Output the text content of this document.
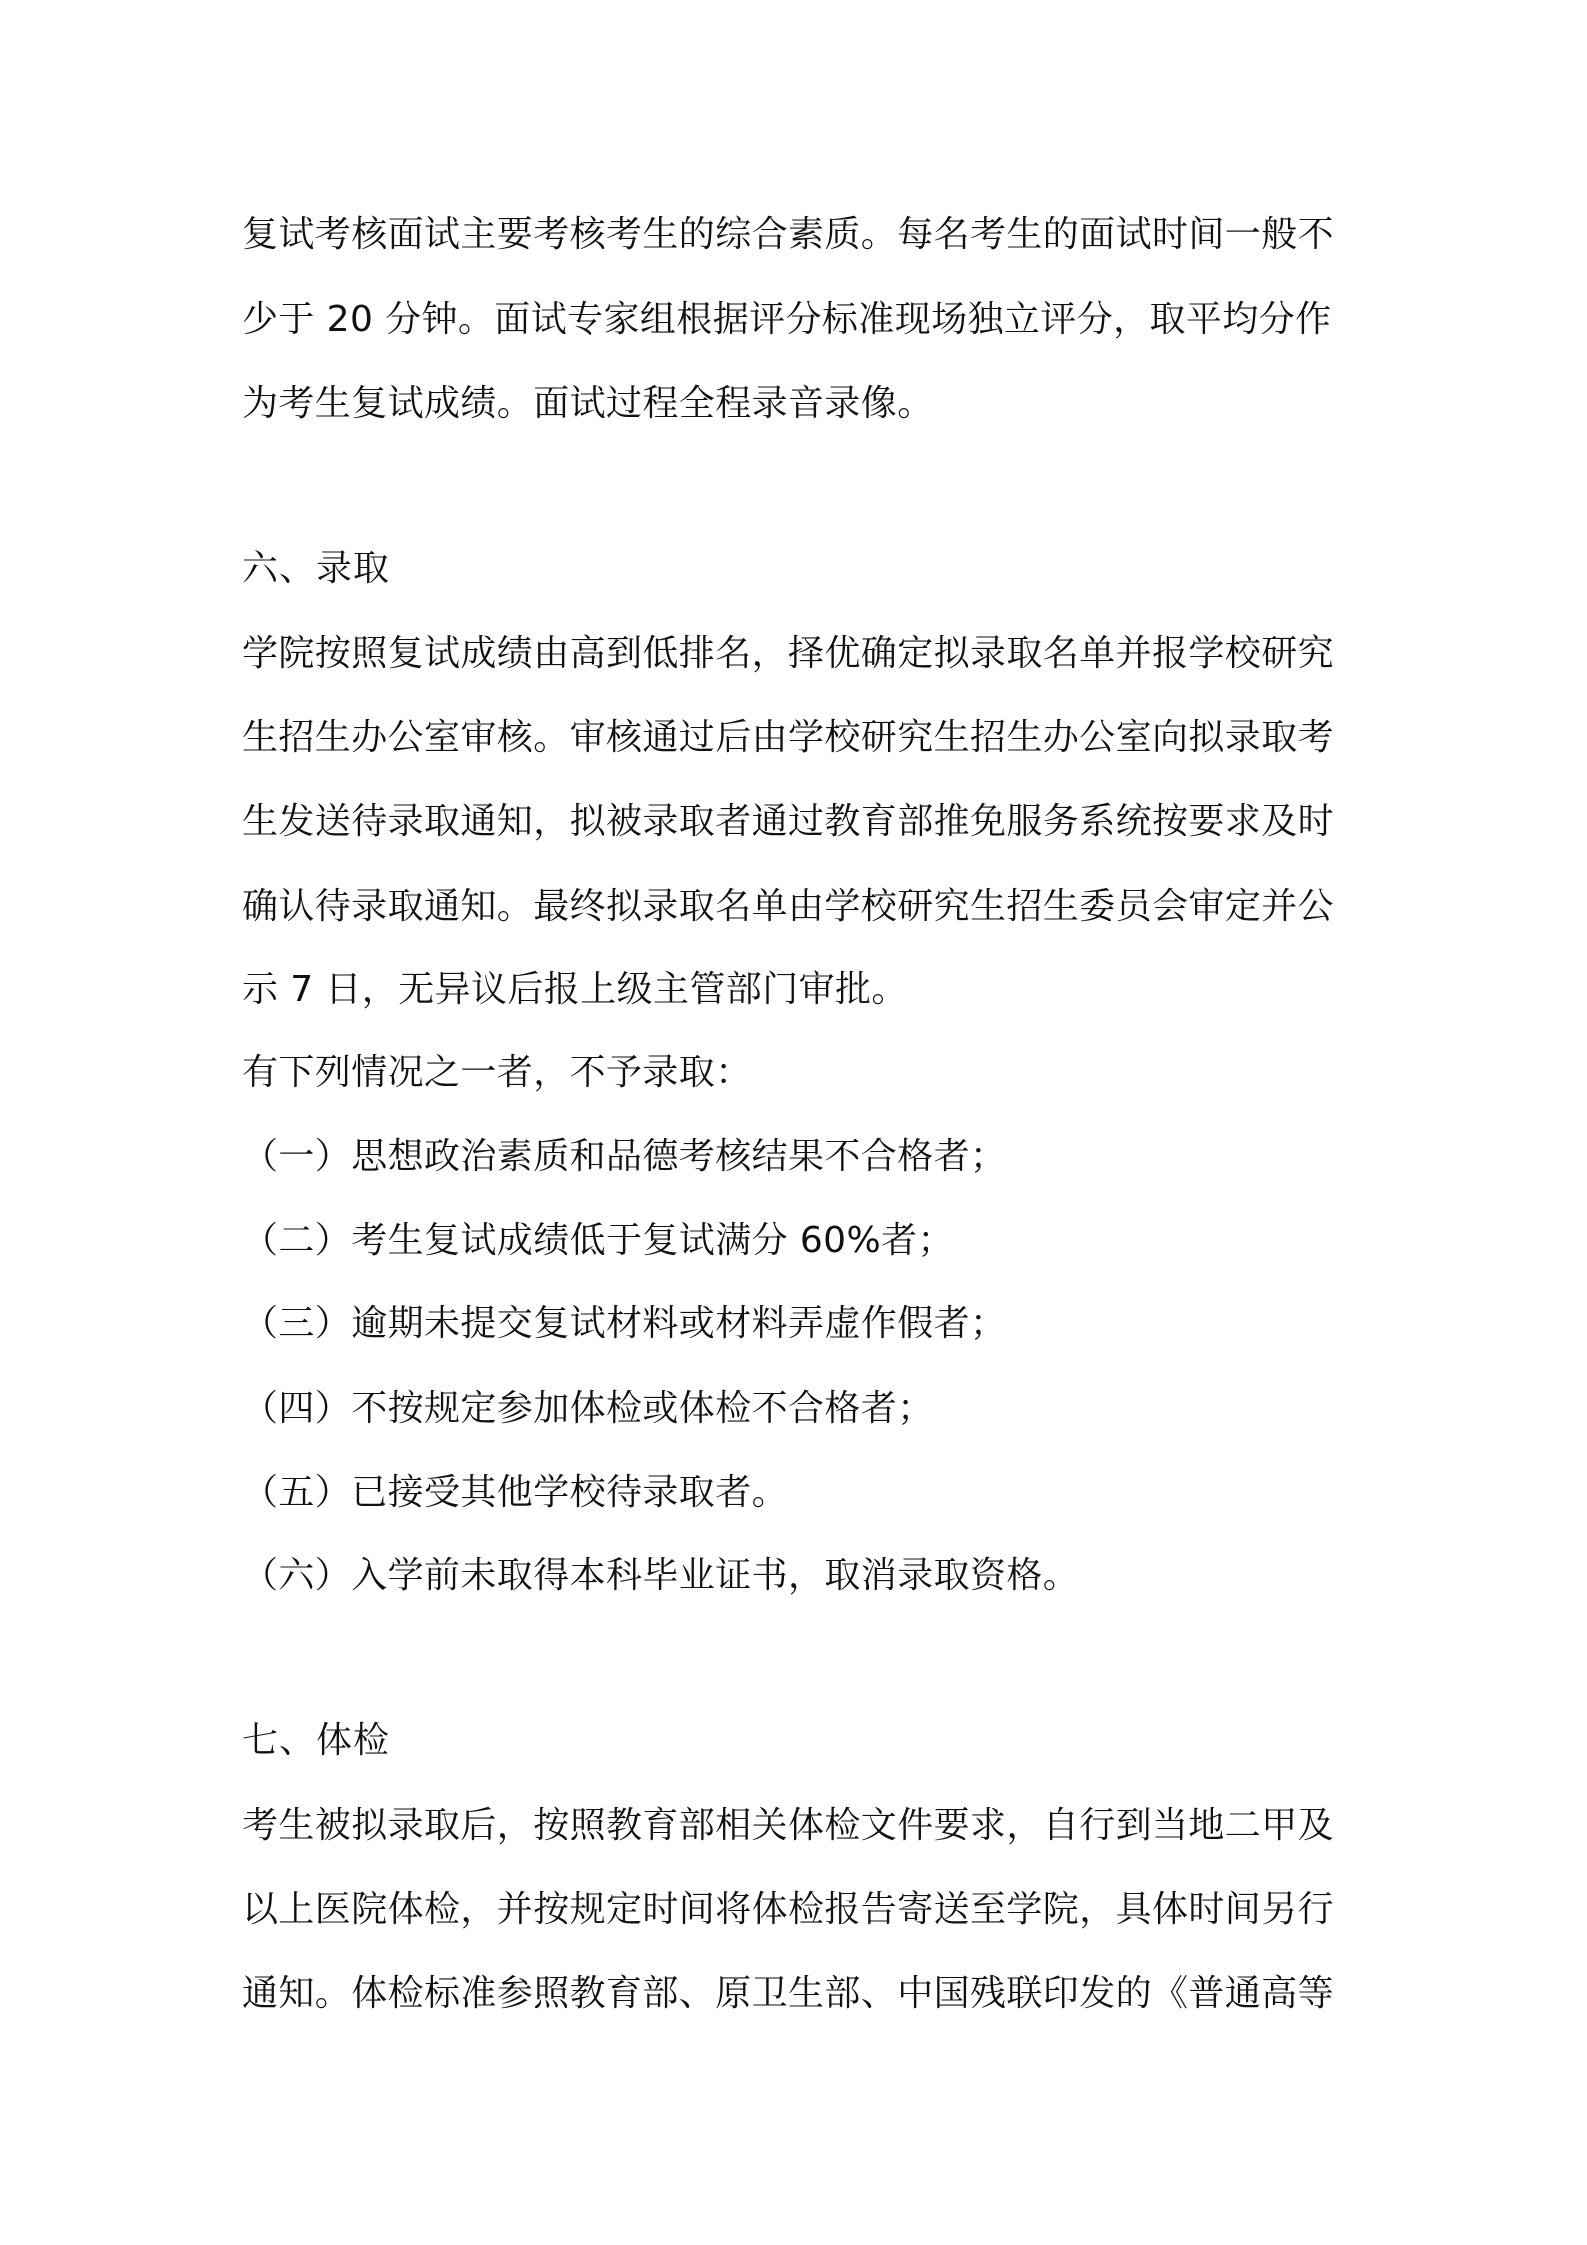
复试考核面试主要考核考生的综合素质。每名考生的面试时间一般不

少于 20 分钟。面试专家组根据评分标准现场独立评分，取平均分作

为考生复试成绩。面试过程全程录音录像。

六、录取

学院按照复试成绩由高到低排名，择优确定拟录取名单并报学校研究

生招生办公室审核。审核通过后由学校研究生招生办公室向拟录取考

生发送待录取通知，拟被录取者通过教育部推免服务系统按要求及时

确认待录取通知。最终拟录取名单由学校研究生招生委员会审定并公

示 7 日，无异议后报上级主管部门审批。

有下列情况之一者，不予录取：

（一）思想政治素质和品德考核结果不合格者；

（二）考生复试成绩低于复试满分 60%者；

（三）逾期未提交复试材料或材料弄虚作假者；

（四）不按规定参加体检或体检不合格者；

（五）已接受其他学校待录取者。

（六）入学前未取得本科毕业证书，取消录取资格。

七、体检

考生被拟录取后，按照教育部相关体检文件要求，自行到当地二甲及

以上医院体检，并按规定时间将体检报告寄送至学院，具体时间另行

通知。体检标准参照教育部、原卫生部、中国残联印发的《普通高等
